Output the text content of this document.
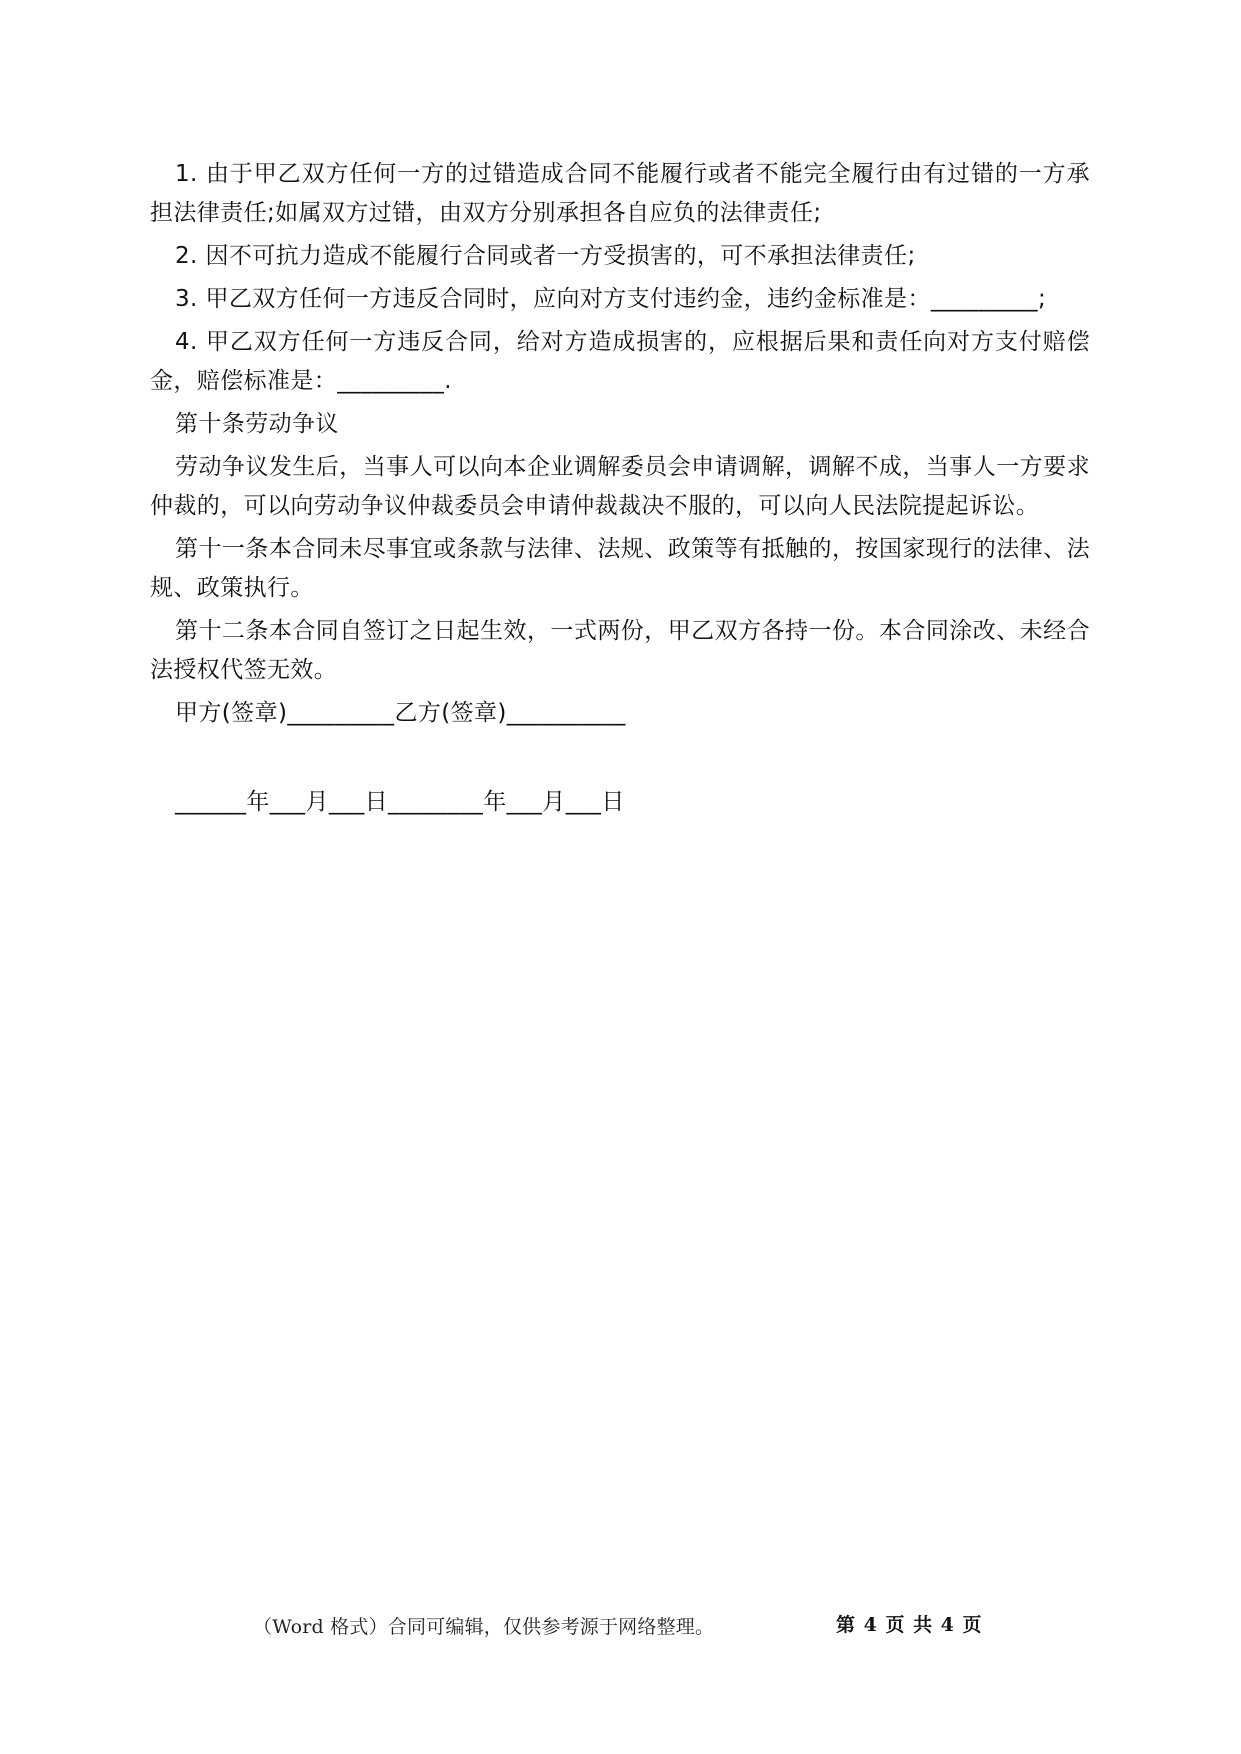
1. 由于甲乙双方任何一方的过错造成合同不能履行或者不能完全履行由有过错的一方承担法律责任;如属双方过错，由双方分别承担各自应负的法律责任;

2. 因不可抗力造成不能履行合同或者一方受损害的，可不承担法律责任;

3. 甲乙双方任何一方违反合同时，应向对方支付违约金，违约金标准是：_________;

4. 甲乙双方任何一方违反合同，给对方造成损害的，应根据后果和责任向对方支付赔偿金，赔偿标准是：_________.

第十条劳动争议

劳动争议发生后，当事人可以向本企业调解委员会申请调解，调解不成，当事人一方要求仲裁的，可以向劳动争议仲裁委员会申请仲裁裁决不服的，可以向人民法院提起诉讼。

第十一条本合同未尽事宜或条款与法律、法规、政策等有抵触的，按国家现行的法律、法规、政策执行。

第十二条本合同自签订之日起生效，一式两份，甲乙双方各持一份。本合同涂改、未经合法授权代签无效。

甲方(签章)_________乙方(签章)__________

______年___月___日________年___月___日

（Word 格式）合同可编辑，仅供参考源于网络整理。	第 4 页 共 4 页
